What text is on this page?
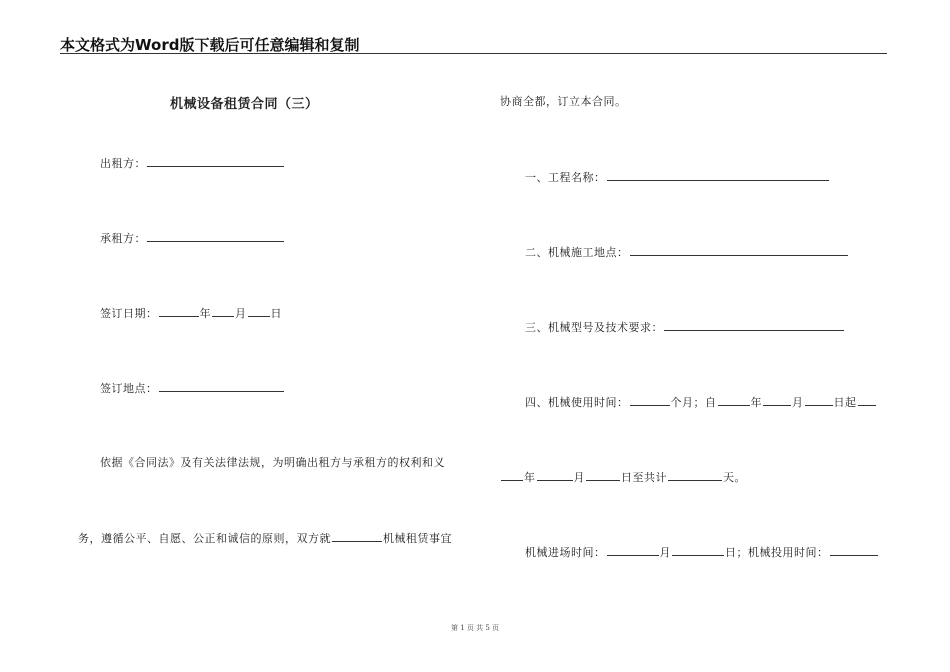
本文格式为Word版下载后可任意编辑和复制
机械设备租赁合同（三）
出租方：
承租方：
签订日期：	年 月 日
签订地点：
依据《合同法》及有关法律法规，为明确出租方与承租方的权利和义
务，遵循公平、自愿、公正和诚信的原则，双方就	机械租赁事宜
协商全都，订立本合同。
一、工程名称：
二、机械施工地点：
三、机械型号及技术要求：
四、机械使用时间：	个月；自	年	月	日起
年	月	日至共计	天。
机械进场时间：	月	日；机械投用时间：
第 1 页 共 5 页
